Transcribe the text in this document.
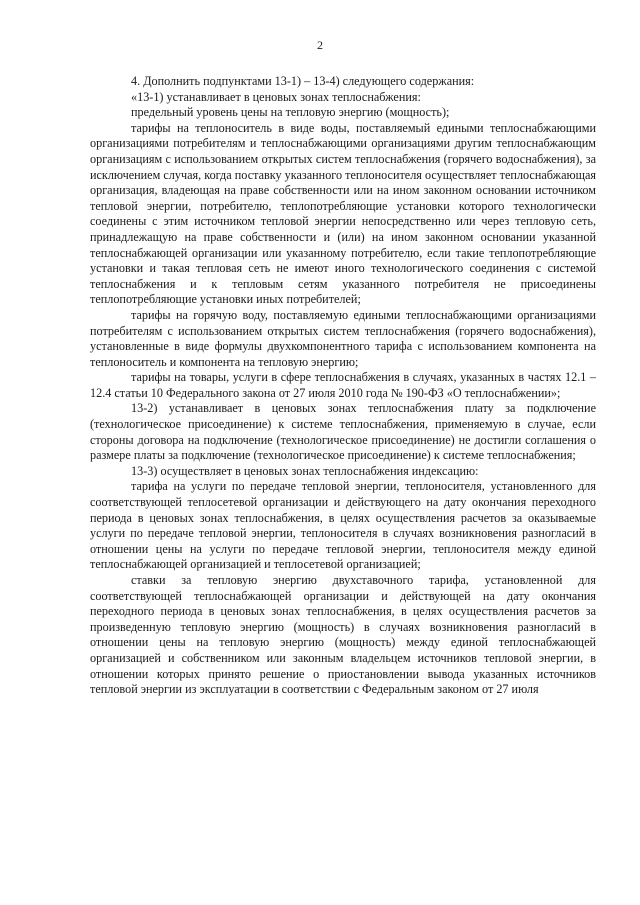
2

4. Дополнить подпунктами 13-1) – 13-4) следующего содержания:

«13-1) устанавливает в ценовых зонах теплоснабжения:

предельный уровень цены на тепловую энергию (мощность);

тарифы на теплоноситель в виде воды, поставляемый едиными теплоснабжающими организациями потребителям и теплоснабжающими организациями другим теплоснабжающим организациям с использованием открытых систем теплоснабжения (горячего водоснабжения), за исключением случая, когда поставку указанного теплоносителя осуществляет теплоснабжающая организация, владеющая на праве собственности или на ином законном основании источником тепловой энергии, потребителю, теплопотребляющие установки которого технологически соединены с этим источником тепловой энергии непосредственно или через тепловую сеть, принадлежащую на праве собственности и (или) на ином законном основании указанной теплоснабжающей организации или указанному потребителю, если такие теплопотребляющие установки и такая тепловая сеть не имеют иного технологического соединения с системой теплоснабжения и к тепловым сетям указанного потребителя не присоединены теплопотребляющие установки иных потребителей;

тарифы на горячую воду, поставляемую едиными теплоснабжающими организациями потребителям с использованием открытых систем теплоснабжения (горячего водоснабжения), установленные в виде формулы двухкомпонентного тарифа с использованием компонента на теплоноситель и компонента на тепловую энергию;

тарифы на товары, услуги в сфере теплоснабжения в случаях, указанных в частях 12.1 – 12.4 статьи 10 Федерального закона от 27 июля 2010 года № 190-ФЗ «О теплоснабжении»;

13-2) устанавливает в ценовых зонах теплоснабжения плату за подключение (технологическое присоединение) к системе теплоснабжения, применяемую в случае, если стороны договора на подключение (технологическое присоединение) не достигли соглашения о размере платы за подключение (технологическое присоединение) к системе теплоснабжения;

13-3) осуществляет в ценовых зонах теплоснабжения индексацию:

тарифа на услуги по передаче тепловой энергии, теплоносителя, установленного для соответствующей теплосетевой организации и действующего на дату окончания переходного периода в ценовых зонах теплоснабжения, в целях осуществления расчетов за оказываемые услуги по передаче тепловой энергии, теплоносителя в случаях возникновения разногласий в отношении цены на услуги по передаче тепловой энергии, теплоносителя между единой теплоснабжающей организацией и теплосетевой организацией;

ставки за тепловую энергию двухставочного тарифа, установленной для соответствующей теплоснабжающей организации и действующей на дату окончания переходного периода в ценовых зонах теплоснабжения, в целях осуществления расчетов за произведенную тепловую энергию (мощность) в случаях возникновения разногласий в отношении цены на тепловую энергию (мощность) между единой теплоснабжающей организацией и собственником или законным владельцем источников тепловой энергии, в отношении которых принято решение о приостановлении вывода указанных источников тепловой энергии из эксплуатации в соответствии с Федеральным законом от 27 июля
